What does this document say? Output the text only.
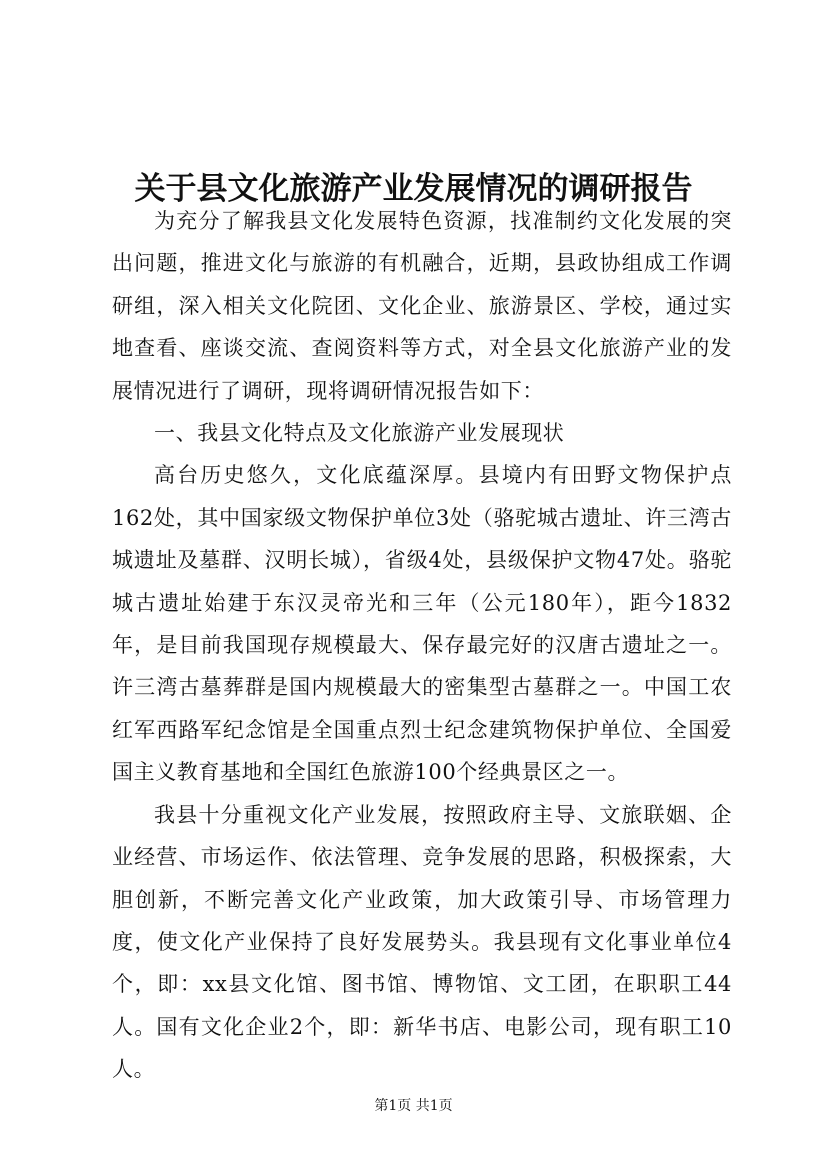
关于县文化旅游产业发展情况的调研报告

为充分了解我县文化发展特色资源，找准制约文化发展的突出问题，推进文化与旅游的有机融合，近期，县政协组成工作调研组，深入相关文化院团、文化企业、旅游景区、学校，通过实地查看、座谈交流、查阅资料等方式，对全县文化旅游产业的发展情况进行了调研，现将调研情况报告如下：

一、我县文化特点及文化旅游产业发展现状

高台历史悠久，文化底蕴深厚。县境内有田野文物保护点162处，其中国家级文物保护单位3处（骆驼城古遗址、许三湾古城遗址及墓群、汉明长城），省级4处，县级保护文物47处。骆驼城古遗址始建于东汉灵帝光和三年（公元180年），距今1832年，是目前我国现存规模最大、保存最完好的汉唐古遗址之一。许三湾古墓葬群是国内规模最大的密集型古墓群之一。中国工农红军西路军纪念馆是全国重点烈士纪念建筑物保护单位、全国爱国主义教育基地和全国红色旅游100个经典景区之一。

我县十分重视文化产业发展，按照政府主导、文旅联姻、企业经营、市场运作、依法管理、竞争发展的思路，积极探索，大胆创新，不断完善文化产业政策，加大政策引导、市场管理力度，使文化产业保持了良好发展势头。我县现有文化事业单位4个，即：xx县文化馆、图书馆、博物馆、文工团，在职职工44人。国有文化企业2个，即：新华书店、电影公司，现有职工10人。

第1页 共1页
